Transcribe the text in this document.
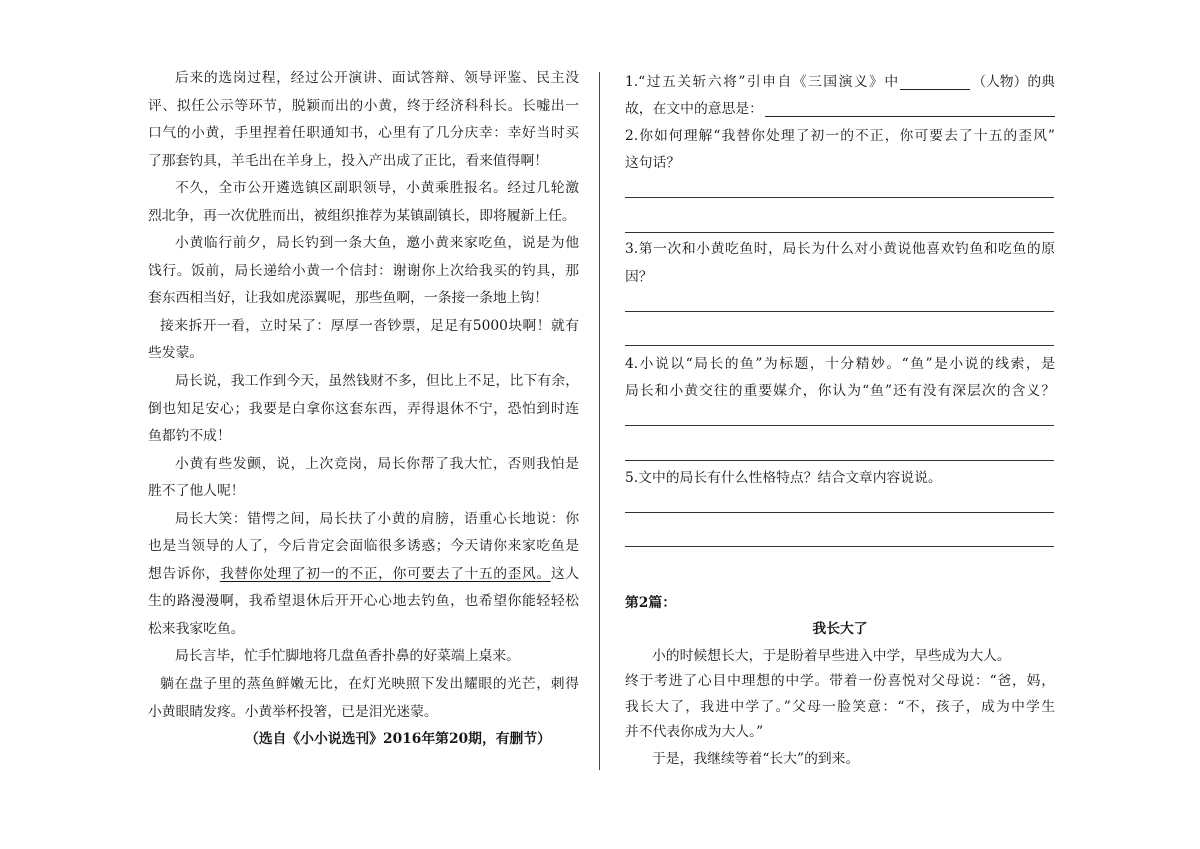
后来的选岗过程，经过公开演讲、面试答辩、领导评鉴、民主没
评、拟任公示等环节，脱颖而出的小黄，终于经济科科长。长嘘出一
口气的小黄，手里捏着任职通知书，心里有了几分庆幸：幸好当时买
了那套钓具，羊毛出在羊身上，投入产出成了正比，看来值得啊！
不久，全市公开遴选镇区副职领导，小黄乘胜报名。经过几轮激
烈北争，再一次优胜而出，被组织推荐为某镇副镇长，即将履新上任。
小黄临行前夕，局长钓到一条大鱼，邀小黄来家吃鱼，说是为他
饯行。饭前，局长递给小黄一个信封：谢谢你上次给我买的钓具，那
套东西相当好，让我如虎添翼呢，那些鱼啊，一条接一条地上钩！
接来拆开一看，立时呆了：厚厚一沓钞票，足足有5000块啊！就有
些发蒙。
局长说，我工作到今天，虽然钱财不多，但比上不足，比下有余，
倒也知足安心；我要是白拿你这套东西，弄得退休不宁，恐怕到时连
鱼都钓不成！
小黄有些发颤，说，上次竞岗，局长你帮了我大忙，否则我怕是
胜不了他人呢！
局长大笑：错愕之间，局长扶了小黄的肩膀，语重心长地说：你
也是当领导的人了，今后肯定会面临很多诱惑；今天请你来家吃鱼是
想告诉你，我替你处理了初一的不正，你可要去了十五的歪风。这人
生的路漫漫啊，我希望退休后开开心心地去钓鱼，也希望你能轻轻松
松来我家吃鱼。
局长言毕，忙手忙脚地将几盘鱼香扑鼻的好菜端上桌来。
躺在盘子里的蒸鱼鲜嫩无比，在灯光映照下发出耀眼的光芒，刺得
小黄眼睛发疼。小黄举杯投箸，已是泪光迷蒙。
（选自《小小说选刊》2016年第20期，有删节）
1.“过五关斩六将”引申自《三国演义》中	（人物）的典
故，在文中的意思是：
2.你如何理解“我替你处理了初一的不正，你可要去了十五的歪风”
这句话？
3.第一次和小黄吃鱼时，局长为什么对小黄说他喜欢钓鱼和吃鱼的原
因？
4.小说以“局长的鱼”为标题，十分精妙。“鱼”是小说的线索，是
局长和小黄交往的重要媒介，你认为“鱼”还有没有深层次的含义？
5.文中的局长有什么性格特点？结合文章内容说说。
第2篇：
我长大了
小的时候想长大，于是盼着早些进入中学，早些成为大人。
终于考进了心目中理想的中学。带着一份喜悦对父母说：“爸，妈，
我长大了，我进中学了。”父母一脸笑意：“不，孩子，成为中学生
并不代表你成为大人。”
于是，我继续等着“长大”的到来。
